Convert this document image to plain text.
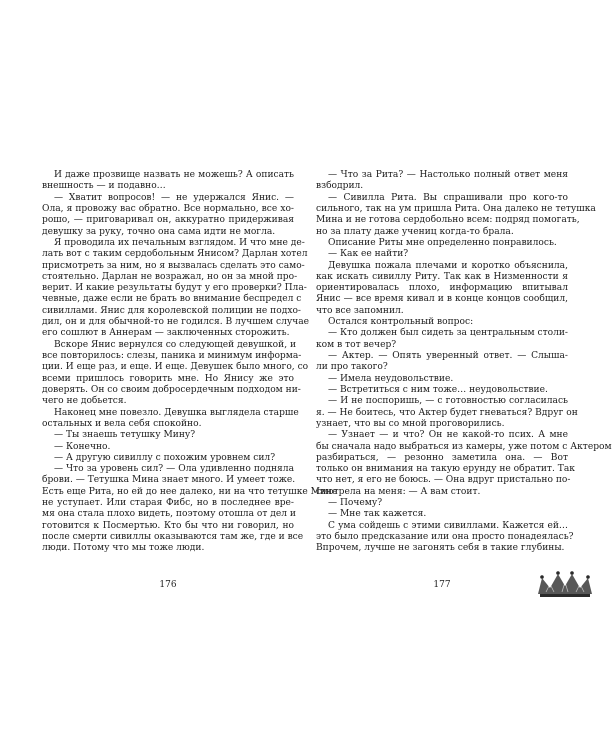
И даже прозвище назвать не можешь? А описать
внешность — и подавно…
— Хватит вопросов! — не удержался Янис. —
Ола, я провожу вас обратно. Все нормально, все хо-
рошо, — приговаривал он, аккуратно придерживая
девушку за руку, точно она сама идти не могла.
Я проводила их печальным взглядом. И что мне де-
лать вот с таким сердобольным Янисом? Дарлан хотел
присмотреть за ним, но я вызвалась сделать это само-
стоятельно. Дарлан не возражал, но он за мной про-
верит. И какие результаты будут у его проверки? Пла-
чевные, даже если не брать во внимание беспредел с
сивиллами. Янис для королевской полиции не подхо-
дил, он и для обычной-то не годился. В лучшем случае
его сошлют в Аннерам — заключенных сторожить.
Вскоре Янис вернулся со следующей девушкой, и
все повторилось: слезы, паника и минимум информа-
ции. И еще раз, и еще. И еще. Девушек было много, со
всеми пришлось говорить мне. Но Янису же это
доверять. Он со своим добросердечным подходом ни-
чего не добьется.
Наконец мне повезло. Девушка выглядела старше
остальных и вела себя спокойно.
— Ты знаешь тетушку Мину?
— Конечно.
— А другую сивиллу с похожим уровнем сил?
— Что за уровень сил? — Ола удивленно подняла
брови. — Тетушка Мина знает много. И умеет тоже.
Есть еще Рита, но ей до нее далеко, ни на что тетушке Мине
не уступает. Или старая Фибс, но в последнее вре-
мя она стала плохо видеть, поэтому отошла от дел и
готовится к Посмертью. Кто бы что ни говорил, но
после смерти сивиллы оказываются там же, где и все
люди. Потому что мы тоже люди.
— Что за Рита? — Настолько полный ответ меня
взбодрил.
— Сивилла Рита. Вы спрашивали про кого-то
сильного, так на ум пришла Рита. Она далеко не тетушка
Мина и не готова сердобольно всем: подряд помогать,
но за плату даже учениц когда-то брала.
Описание Риты мне определенно понравилось.
— Как ее найти?
Девушка пожала плечами и коротко объяснила,
как искать сивиллу Риту. Так как в Низменности я
ориентировалась плохо, информацию впитывал
Янис — все время кивал и в конце концов сообщил,
что все запомнил.
Остался контрольный вопрос:
— Кто должен был сидеть за центральным столи-
ком в тот вечер?
— Актер. — Опять уверенный ответ. — Слыша-
ли про такого?
— Имела неудовольствие.
— Встретиться с ним тоже… неудовольствие.
— И не поспоришь, — с готовностью согласилась
я. — Не боитесь, что Актер будет гневаться? Вдруг он
узнает, что вы со мной проговорились.
— Узнает — и что? Он не какой-то псих. А мне
бы сначала надо выбраться из камеры, уже потом с Актером
разбираться, — резонно заметила она. — Вот
только он внимания на такую ерунду не обратит. Так
что нет, я его не боюсь. — Она вдруг пристально по-
смотрела на меня: — А вам стоит.
— Почему?
— Мне так кажется.
С ума сойдешь с этими сивиллами. Кажется ей…
это было предсказание или она просто понадеялась?
Впрочем, лучше не загонять себя в такие глубины.
176	177
